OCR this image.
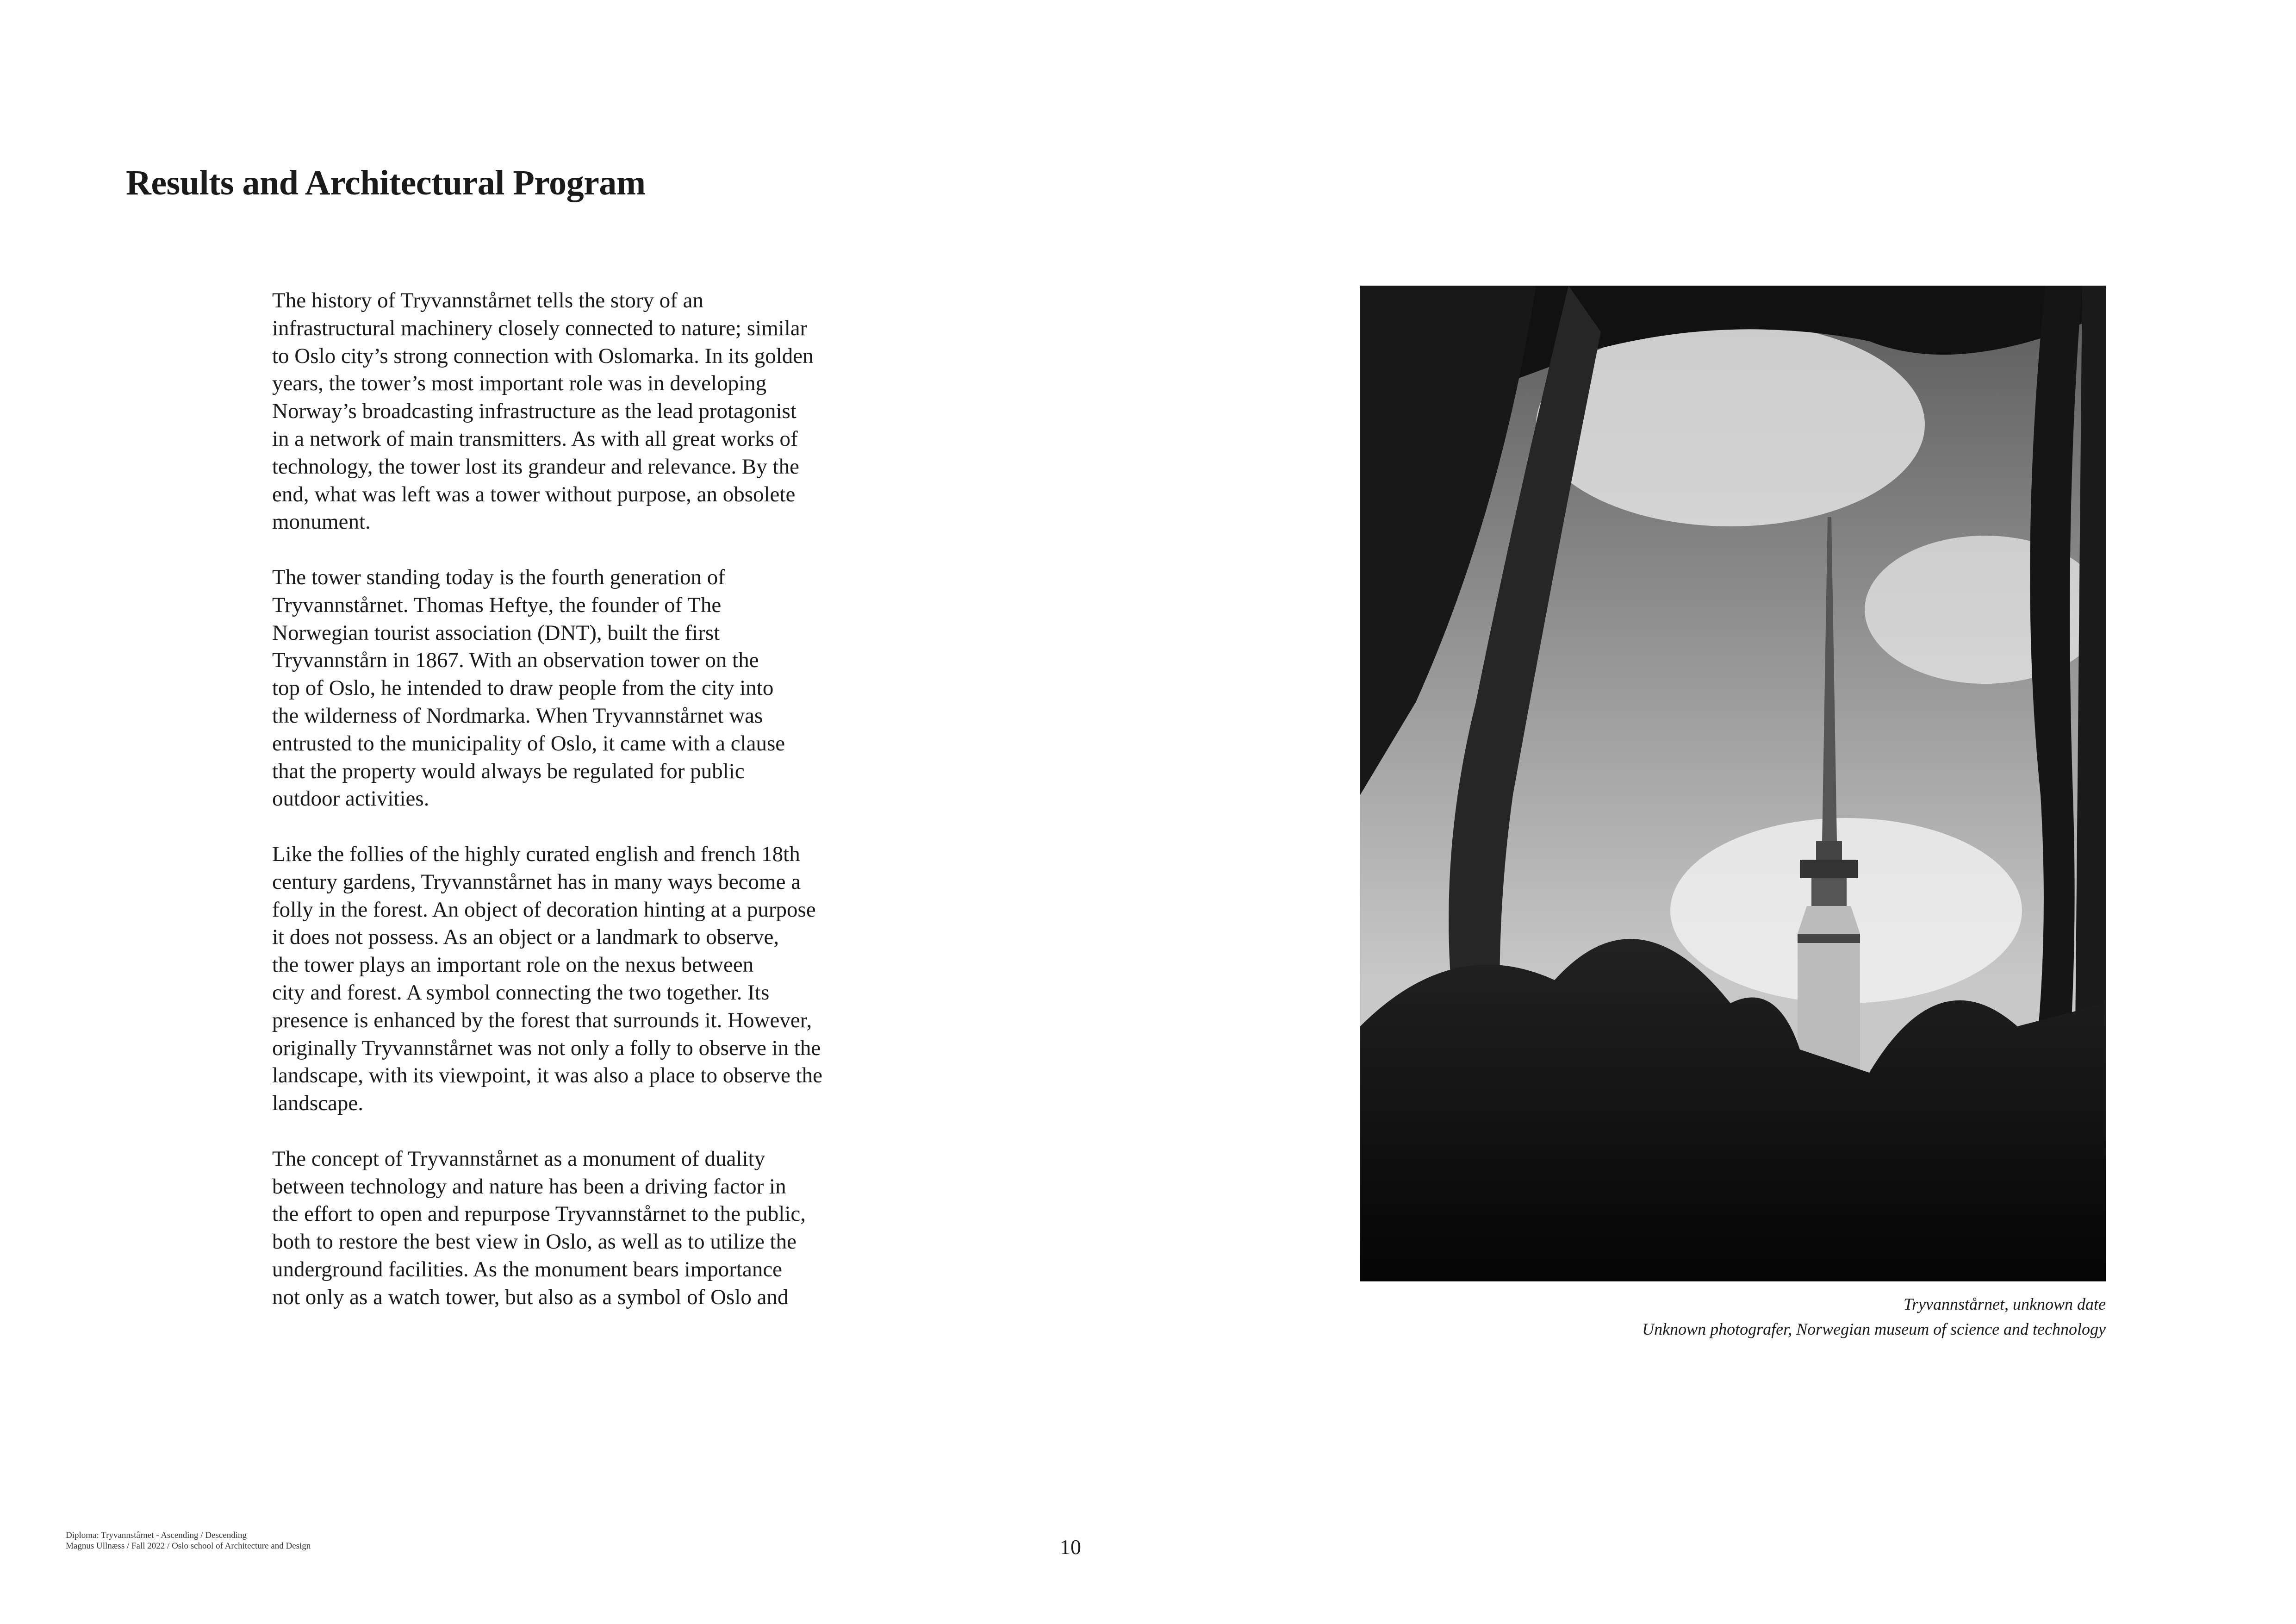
Results and Architectural Program

The history of Tryvannstårnet tells the story of an
infrastructural machinery closely connected to nature; similar
to Oslo city’s strong connection with Oslomarka. In its golden
years, the tower’s most important role was in developing
Norway’s broadcasting infrastructure as the lead protagonist
in a network of main transmitters. As with all great works of
technology, the tower lost its grandeur and relevance. By the
end, what was left was a tower without purpose, an obsolete
monument.

The tower standing today is the fourth generation of
Tryvannstårnet. Thomas Heftye, the founder of The
Norwegian tourist association (DNT), built the first
Tryvannstårn in 1867. With an observation tower on the
top of Oslo, he intended to draw people from the city into
the wilderness of Nordmarka. When Tryvannstårnet was
entrusted to the municipality of Oslo, it came with a clause
that the property would always be regulated for public
outdoor activities.

Like the follies of the highly curated english and french 18th
century gardens, Tryvannstårnet has in many ways become a
folly in the forest. An object of decoration hinting at a purpose
it does not possess. As an object or a landmark to observe,
the tower plays an important role on the nexus between
city and forest. A symbol connecting the two together. Its
presence is enhanced by the forest that surrounds it. However,
originally Tryvannstårnet was not only a folly to observe in the
landscape, with its viewpoint, it was also a place to observe the
landscape.

The concept of Tryvannstårnet as a monument of duality
between technology and nature has been a driving factor in
the effort to open and repurpose Tryvannstårnet to the public,
both to restore the best view in Oslo, as well as to utilize the
underground facilities. As the monument bears importance
not only as a watch tower, but also as a symbol of Oslo and	Tryvannstårnet, unknown date
Unknown photografer, Norwegian museum of science and technology
10
Diploma: Tryvannstårnet - Ascending / Descending
Magnus Ullnæss / Fall 2022 / Oslo school of Architecture and Design
